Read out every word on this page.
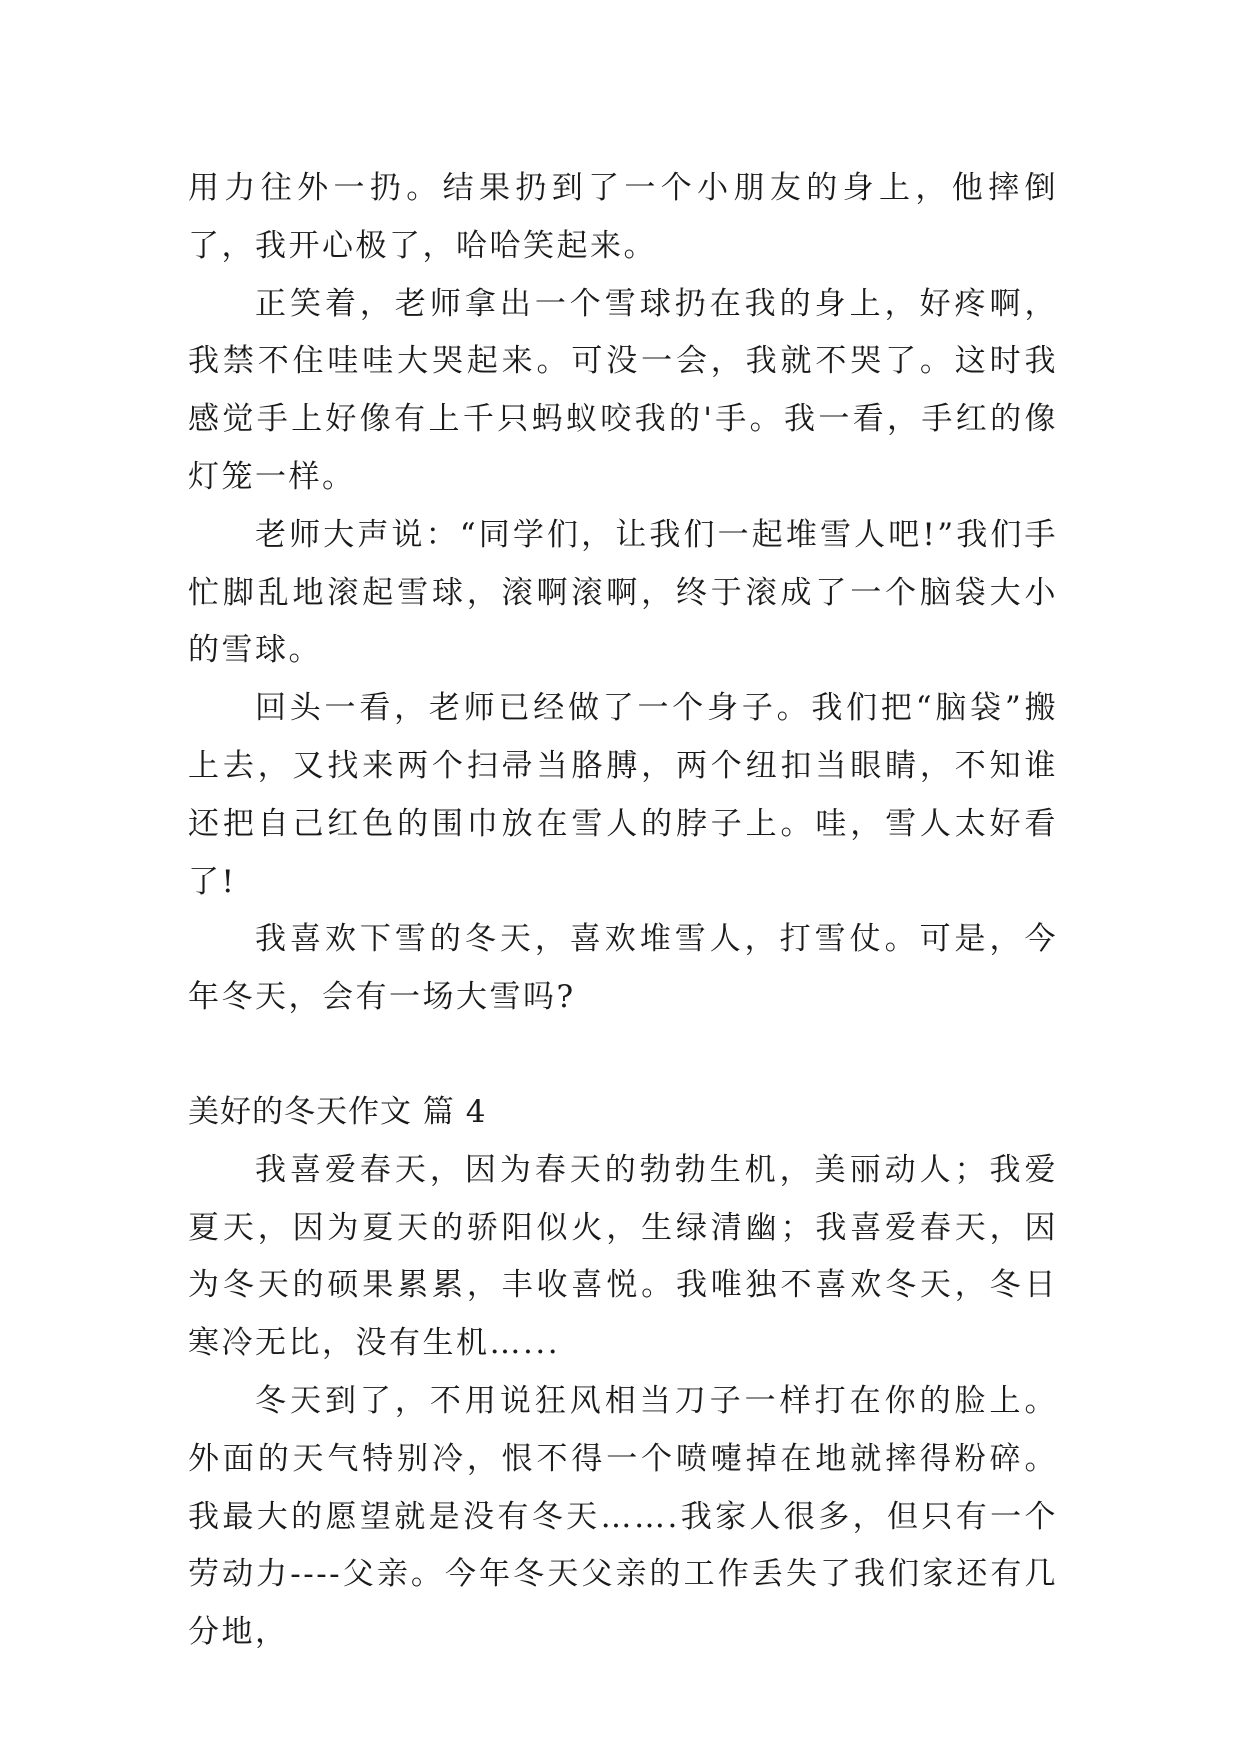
用力往外一扔。结果扔到了一个小朋友的身上，他摔倒了，我开心极了，哈哈笑起来。

正笑着，老师拿出一个雪球扔在我的身上，好疼啊，我禁不住哇哇大哭起来。可没一会，我就不哭了。这时我感觉手上好像有上千只蚂蚁咬我的'手。我一看，手红的像灯笼一样。

老师大声说：“同学们，让我们一起堆雪人吧!”我们手忙脚乱地滚起雪球，滚啊滚啊，终于滚成了一个脑袋大小的雪球。

回头一看，老师已经做了一个身子。我们把“脑袋”搬上去，又找来两个扫帚当胳膊，两个纽扣当眼睛，不知谁还把自己红色的围巾放在雪人的脖子上。哇，雪人太好看了!

我喜欢下雪的冬天，喜欢堆雪人，打雪仗。可是，今年冬天，会有一场大雪吗?

美好的冬天作文 篇 4

我喜爱春天，因为春天的勃勃生机，美丽动人；我爱夏天，因为夏天的骄阳似火，生绿清幽；我喜爱春天，因为冬天的硕果累累，丰收喜悦。我唯独不喜欢冬天，冬日寒冷无比，没有生机…...

冬天到了，不用说狂风相当刀子一样打在你的脸上。外面的天气特别冷，恨不得一个喷嚏掉在地就摔得粉碎。我最大的愿望就是没有冬天…….我家人很多，但只有一个劳动力----父亲。今年冬天父亲的工作丢失了我们家还有几分地，
